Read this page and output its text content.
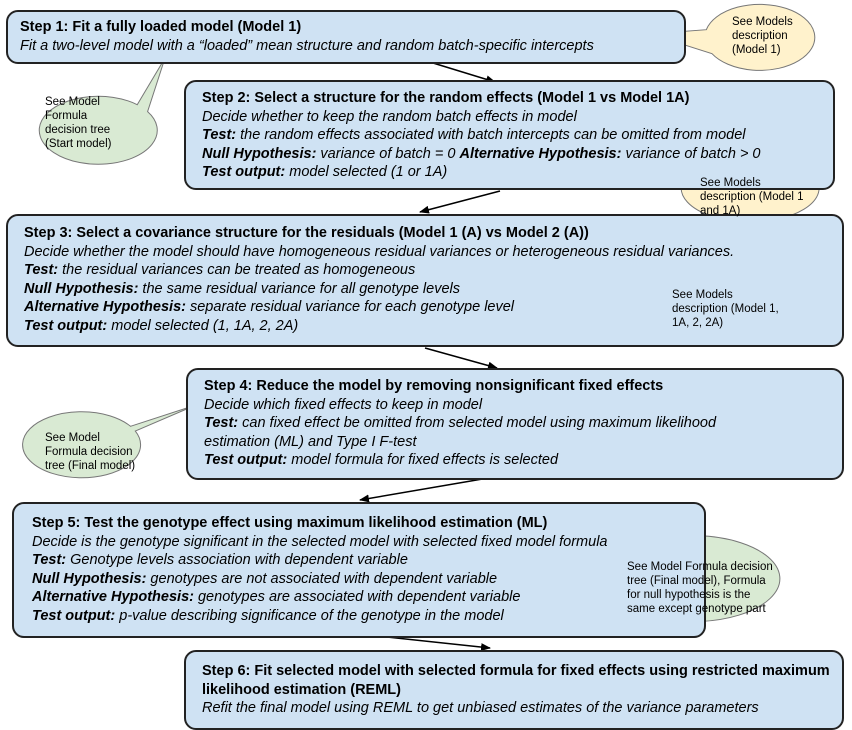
Step 1: Fit a fully loaded model (Model 1)
Fit a two-level model with a “loaded” mean structure and random batch-specific intercepts
Step 2: Select a structure for the random effects (Model 1 vs Model 1A)
Decide whether to keep the random batch effects in model
Test: the random effects associated with batch intercepts can be omitted from model
Null Hypothesis: variance of batch = 0 Alternative Hypothesis: variance of batch > 0
Test output: model selected (1 or 1A)
Step 3: Select a covariance structure for the residuals (Model 1 (A) vs Model 2 (A))
Decide whether the model should have homogeneous residual variances or heterogeneous residual variances.
Test: the residual variances can be treated as homogeneous
Null Hypothesis: the same residual variance for all genotype levels
Alternative Hypothesis: separate residual variance for each genotype level
Test output: model selected (1, 1A, 2, 2A)
Step 4: Reduce the model by removing nonsignificant fixed effects
Decide which fixed effects to keep in model
Test: can fixed effect be omitted from selected model using maximum likelihood
estimation (ML) and Type I F-test
Test output: model formula for fixed effects is selected
Step 5: Test the genotype effect using maximum likelihood estimation (ML)
Decide is the genotype significant in the selected model with selected fixed model formula
Test: Genotype levels association with dependent variable
Null Hypothesis: genotypes are not associated with dependent variable
Alternative Hypothesis: genotypes are associated with dependent variable
Test output: p-value describing significance of the genotype in the model
Step 6: Fit selected model with selected formula for fixed effects using restricted maximum likelihood estimation (REML)
Refit the final model using REML to get unbiased estimates of the variance parameters
See Models description (Model 1)
See Model Formula decision tree (Start model)
See Models description (Model 1 and 1A)
See Models description (Model 1, 1A, 2, 2A)
See Model Formula decision tree (Final model)
See Model Formula decision tree (Final model), Formula for null hypothesis is the same except genotype part
